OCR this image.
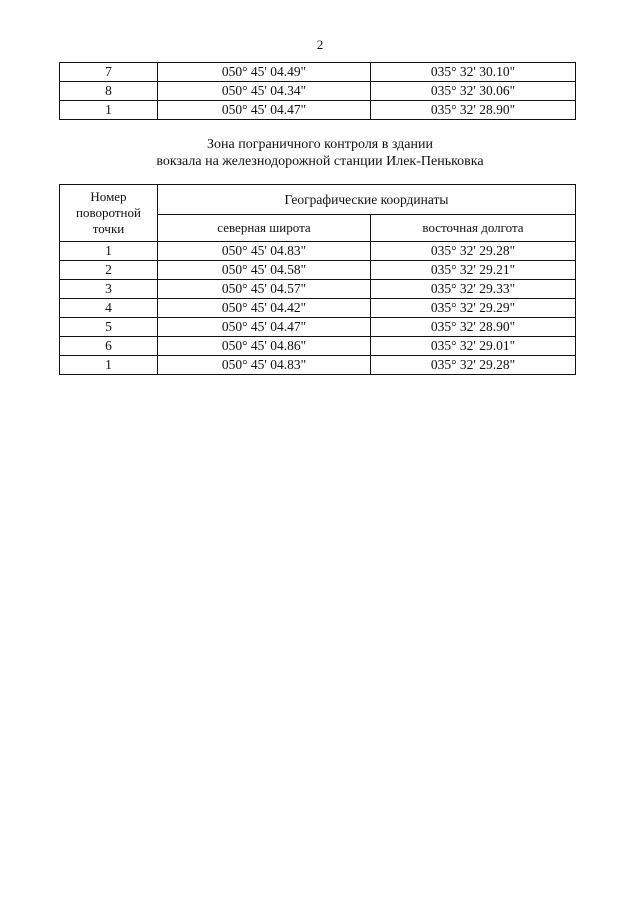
2
7	050° 45' 04.49"	035° 32' 30.10"
8	050° 45' 04.34"	035° 32' 30.06"
1	050° 45' 04.47"	035° 32' 28.90"
Зона пограничного контроля в здании
вокзала на железнодорожной станции Илек-Пеньковка
Номер
поворотной
точки	Географические координаты	
	северная широта	восточная долгота
1	050° 45' 04.83"	035° 32' 29.28"
2	050° 45' 04.58"	035° 32' 29.21"
3	050° 45' 04.57"	035° 32' 29.33"
4	050° 45' 04.42"	035° 32' 29.29"
5	050° 45' 04.47"	035° 32' 28.90"
6	050° 45' 04.86"	035° 32' 29.01"
1	050° 45' 04.83"	035° 32' 29.28"
